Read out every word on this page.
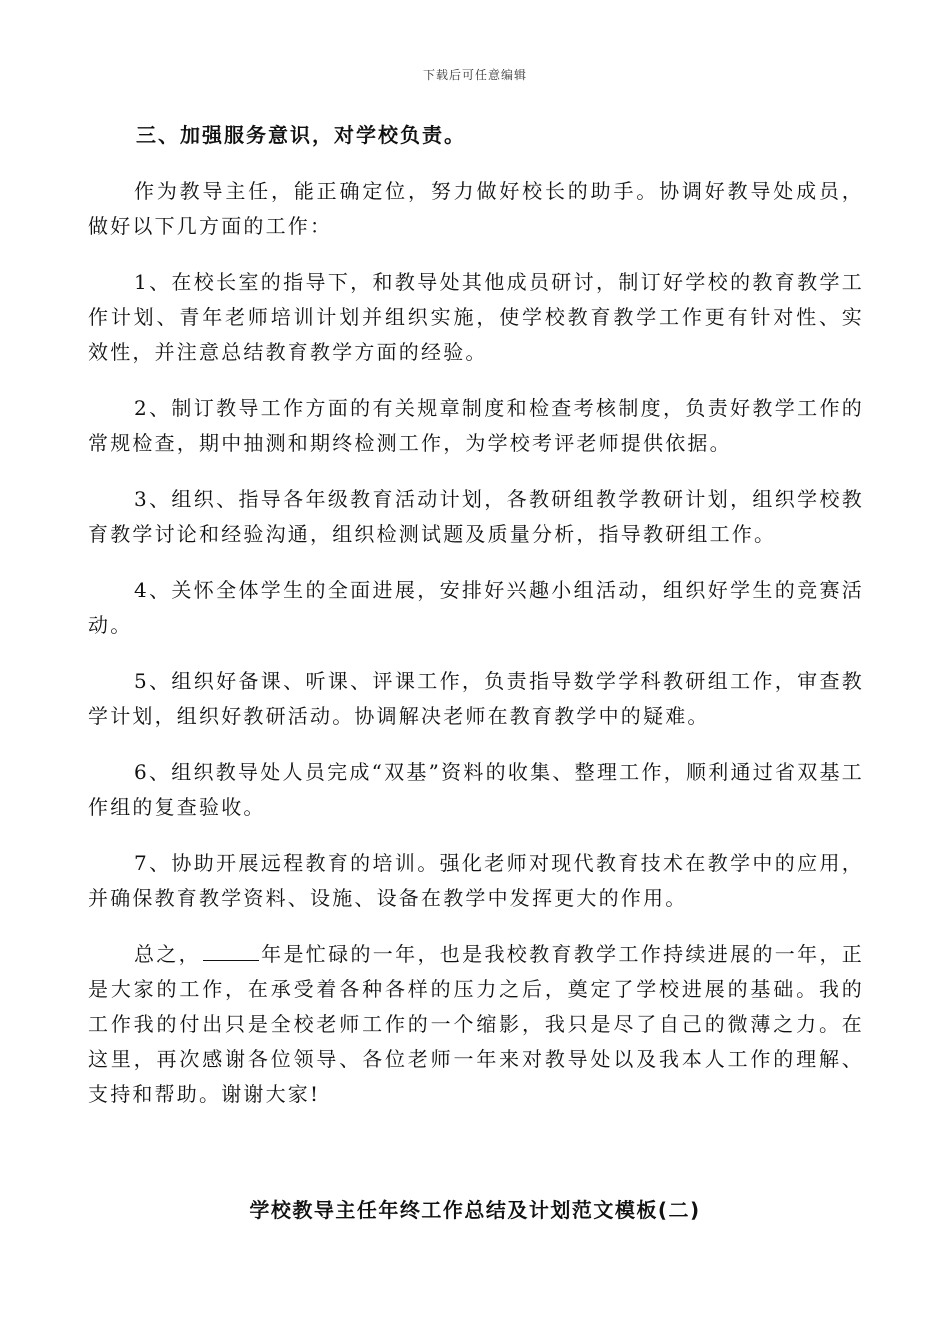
下载后可任意编辑

三、加强服务意识，对学校负责。

作为教导主任，能正确定位，努力做好校长的助手。协调好教导处成员，做好以下几方面的工作：

1、在校长室的指导下，和教导处其他成员研讨，制订好学校的教育教学工作计划、青年老师培训计划并组织实施，使学校教育教学工作更有针对性、实效性，并注意总结教育教学方面的经验。

2、制订教导工作方面的有关规章制度和检查考核制度，负责好教学工作的常规检查，期中抽测和期终检测工作，为学校考评老师提供依据。

3、组织、指导各年级教育活动计划，各教研组教学教研计划，组织学校教育教学讨论和经验沟通，组织检测试题及质量分析，指导教研组工作。

4、关怀全体学生的全面进展，安排好兴趣小组活动，组织好学生的竞赛活动。

5、组织好备课、听课、评课工作，负责指导数学学科教研组工作，审查教学计划，组织好教研活动。协调解决老师在教育教学中的疑难。

6、组织教导处人员完成“双基”资料的收集、整理工作，顺利通过省双基工作组的复查验收。

7、协助开展远程教育的培训。强化老师对现代教育技术在教学中的应用，并确保教育教学资料、设施、设备在教学中发挥更大的作用。

总之，	年是忙碌的一年，也是我校教育教学工作持续进展的一年，正是大家的工作，在承受着各种各样的压力之后，奠定了学校进展的基础。我的工作我的付出只是全校老师工作的一个缩影，我只是尽了自己的微薄之力。在这里，再次感谢各位领导、各位老师一年来对教导处以及我本人工作的理解、支持和帮助。谢谢大家!

学校教导主任年终工作总结及计划范文模板(二)
